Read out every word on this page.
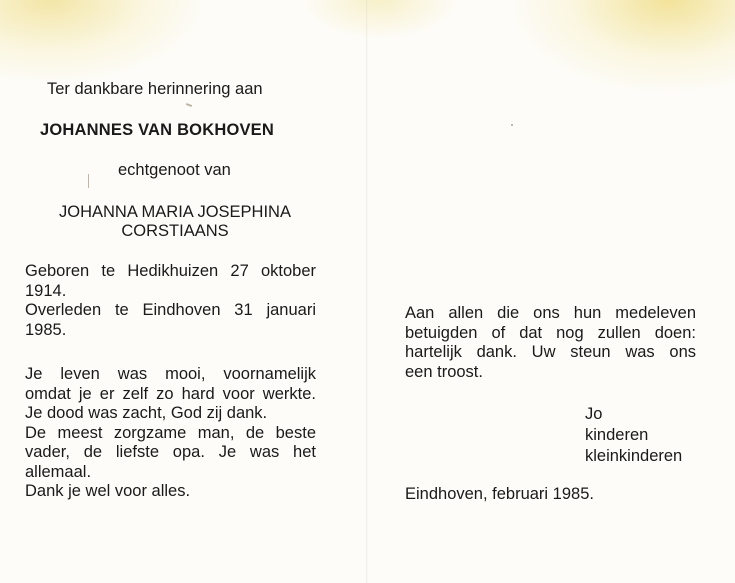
Ter dankbare herinnering aan
JOHANNES VAN BOKHOVEN
echtgenoot van
JOHANNA MARIA JOSEPHINA
CORSTIAANS
Geboren te Hedikhuizen 27 oktober
1914.
Overleden te Eindhoven 31 januari
1985.
Je leven was mooi, voornamelijk
omdat je er zelf zo hard voor werkte.
Je dood was zacht, God zij dank.
De meest zorgzame man, de beste
vader, de liefste opa. Je was het
allemaal.
Dank je wel voor alles.
Aan allen die ons hun medeleven
betuigden of dat nog zullen doen:
hartelijk dank. Uw steun was ons
een troost.
Jo
kinderen
kleinkinderen
Eindhoven, februari 1985.
